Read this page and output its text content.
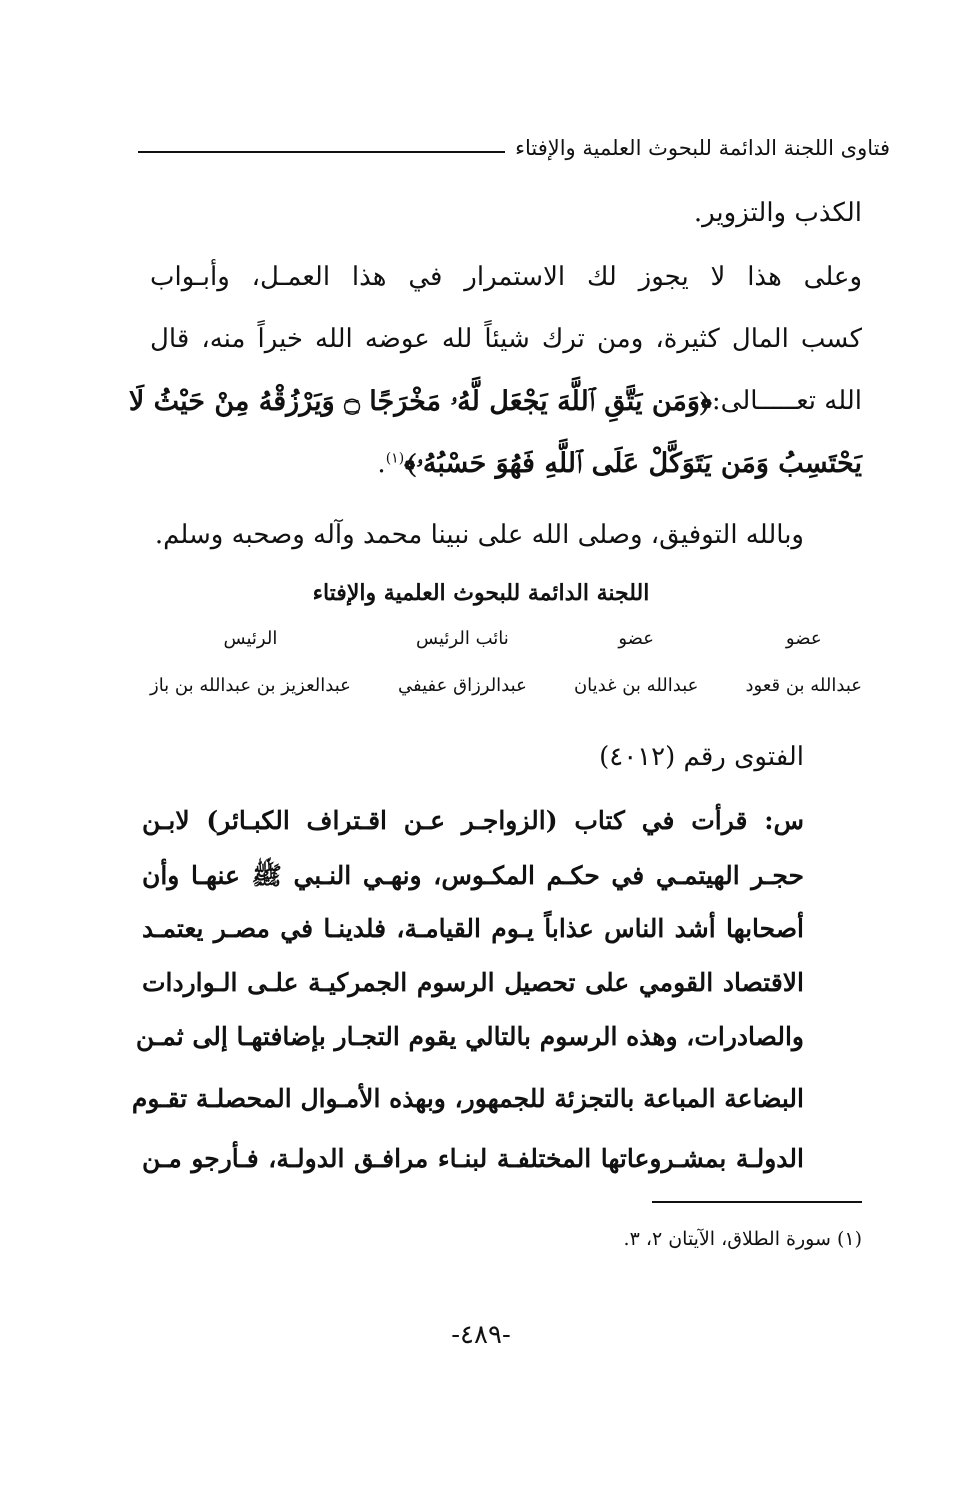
فتاوى اللجنة الدائمة للبحوث العلمية والإفتاء
الكذب والتزوير.
وعلى هذا لا يجوز لك الاستمرار في هذا العمـل، وأبـواب
كسب المال كثيرة، ومن ترك شيئاً لله عوضه الله خيراً منه، قال
الله تعـــــالى:
﴿وَمَن يَتَّقِ ٱللَّهَ يَجْعَل لَّهُۥ مَخْرَجًا ۝ وَيَرْزُقْهُ مِنْ حَيْثُ لَا
يَحْتَسِبُ وَمَن يَتَوَكَّلْ عَلَى ٱللَّهِ فَهُوَ حَسْبُهُۥ﴾$^{(١)}$.
وبالله التوفيق، وصلى الله على نبينا محمد وآله وصحبه وسلم.
اللجنة الدائمة للبحوث العلمية والإفتاء
عضو
عبدالله بن قعود
عضو
عبدالله بن غديان
نائب الرئيس
عبدالرزاق عفيفي
الرئيس
عبدالعزيز بن عبدالله بن باز
الفتوى رقم (٤٠١٢)
س: قرأت في كتاب (الزواجـر عـن اقـتراف الكبـائر) لابـن
حجـر الهيتمـي في حكـم المكـوس، ونهـي النـبي ﷺ عنهـا وأن
أصحابها أشد الناس عذاباً يـوم القيامـة، فلدينـا في مصـر يعتمـد
الاقتصاد القومي على تحصيل الرسوم الجمركيـة علـى الـواردات
والصادرات، وهذه الرسوم بالتالي يقوم التجـار بإضافتهـا إلى ثمـن
البضاعة المباعة بالتجزئة للجمهور، وبهذه الأمـوال المحصلـة تقـوم
الدولـة بمشـروعاتها المختلفـة لبنـاء مرافـق الدولـة، فـأرجو مـن
(١) سورة الطلاق، الآيتان ٢، ٣.
-٤٨٩-
